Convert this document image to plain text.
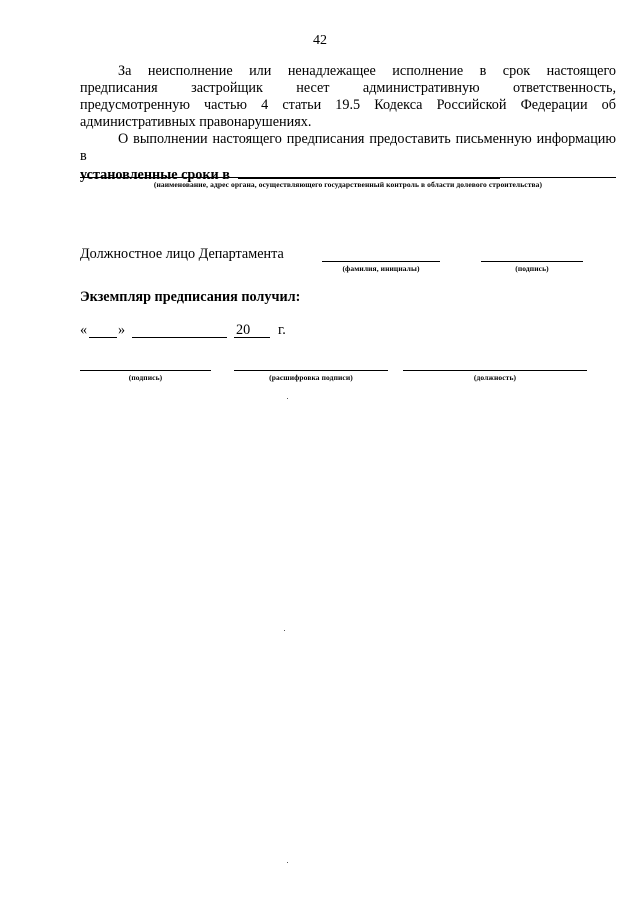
42
За неисполнение или ненадлежащее исполнение в срок настоящего
предписания застройщик несет административную ответственность,
предусмотренную частью 4 статьи 19.5 Кодекса Российской Федерации об
административных правонарушениях.
О выполнении настоящего предписания предоставить письменную информацию в
установленные сроки в
(наименование, адрес органа, осуществляющего государственный контроль в области долевого строительства)
Должностное лицо Департамента
(фамилия, инициалы)	(подпись)
Экземпляр предписания получил:
« »	20 г.
(подпись)	(расшифровка подписи)	(должность)
